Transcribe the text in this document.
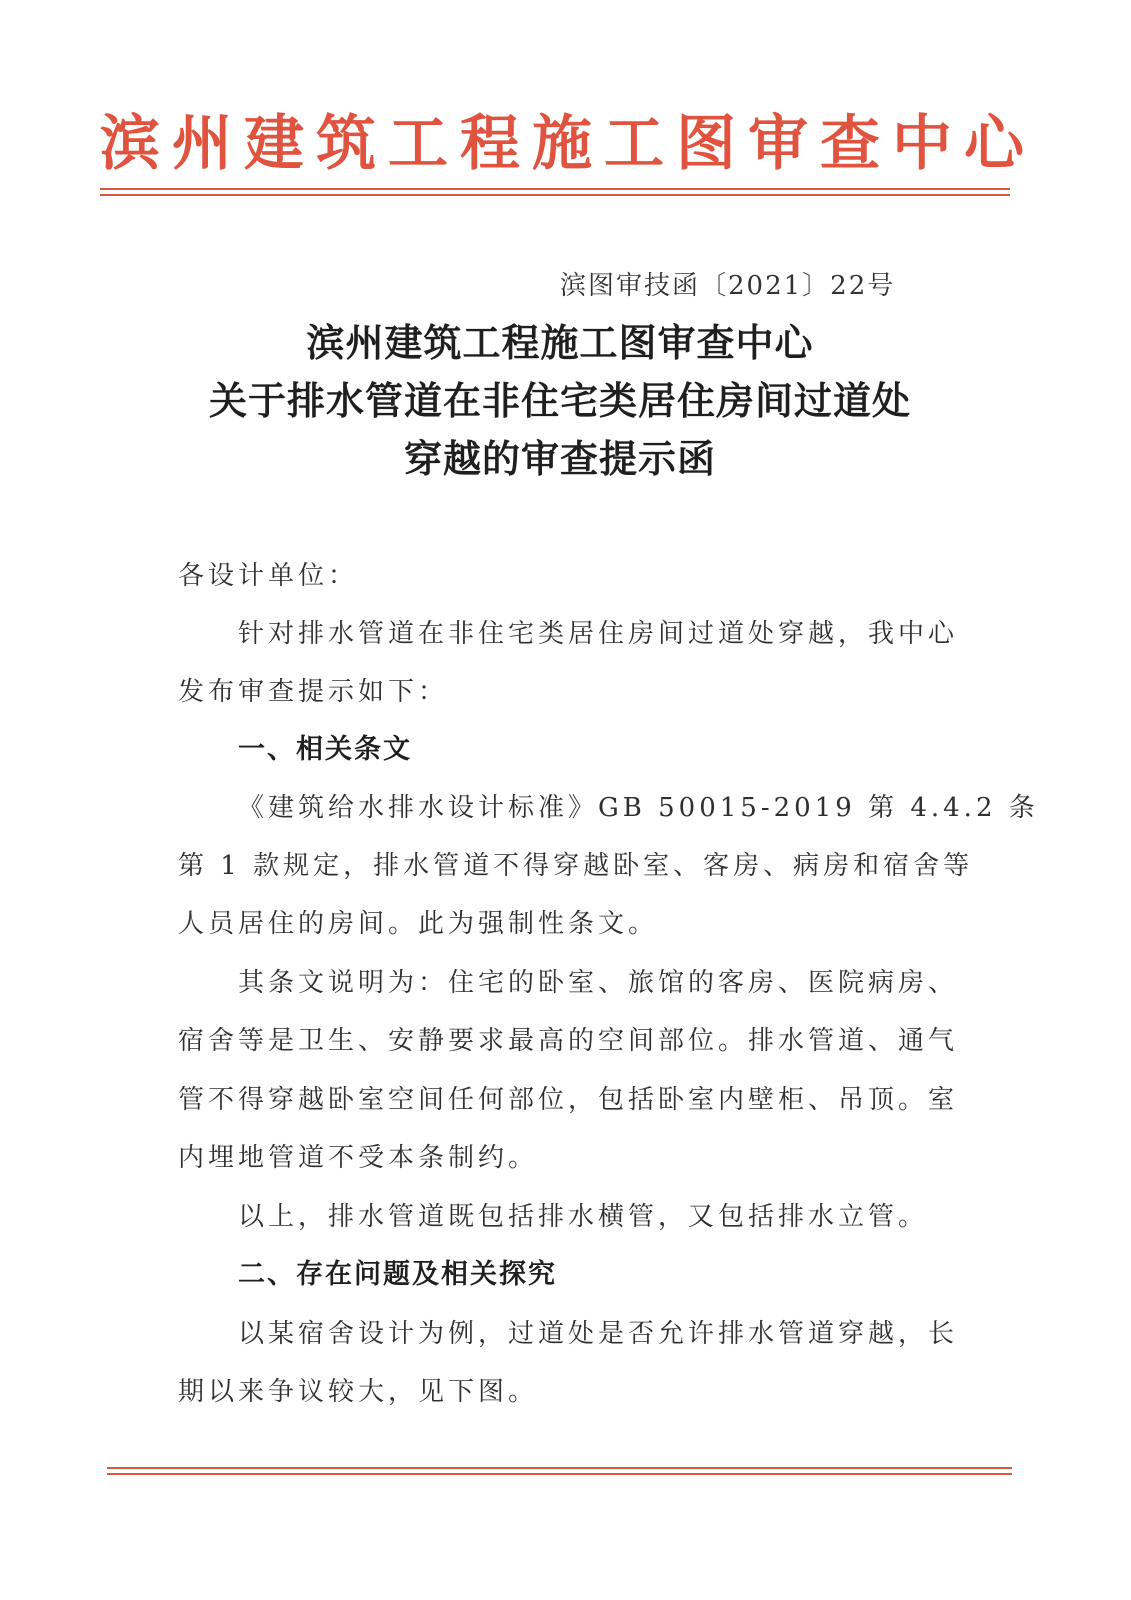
滨州建筑工程施工图审查中心
滨图审技函〔2021〕22号
滨州建筑工程施工图审查中心
关于排水管道在非住宅类居住房间过道处
穿越的审查提示函
各设计单位：
针对排水管道在非住宅类居住房间过道处穿越，我中心
发布审查提示如下：
一、相关条文
《建筑给水排水设计标准》GB 50015-2019 第 4.4.2 条
第 1 款规定，排水管道不得穿越卧室、客房、病房和宿舍等
人员居住的房间。此为强制性条文。
其条文说明为：住宅的卧室、旅馆的客房、医院病房、
宿舍等是卫生、安静要求最高的空间部位。排水管道、通气
管不得穿越卧室空间任何部位，包括卧室内壁柜、吊顶。室
内埋地管道不受本条制约。
以上，排水管道既包括排水横管，又包括排水立管。
二、存在问题及相关探究
以某宿舍设计为例，过道处是否允许排水管道穿越，长
期以来争议较大，见下图。
